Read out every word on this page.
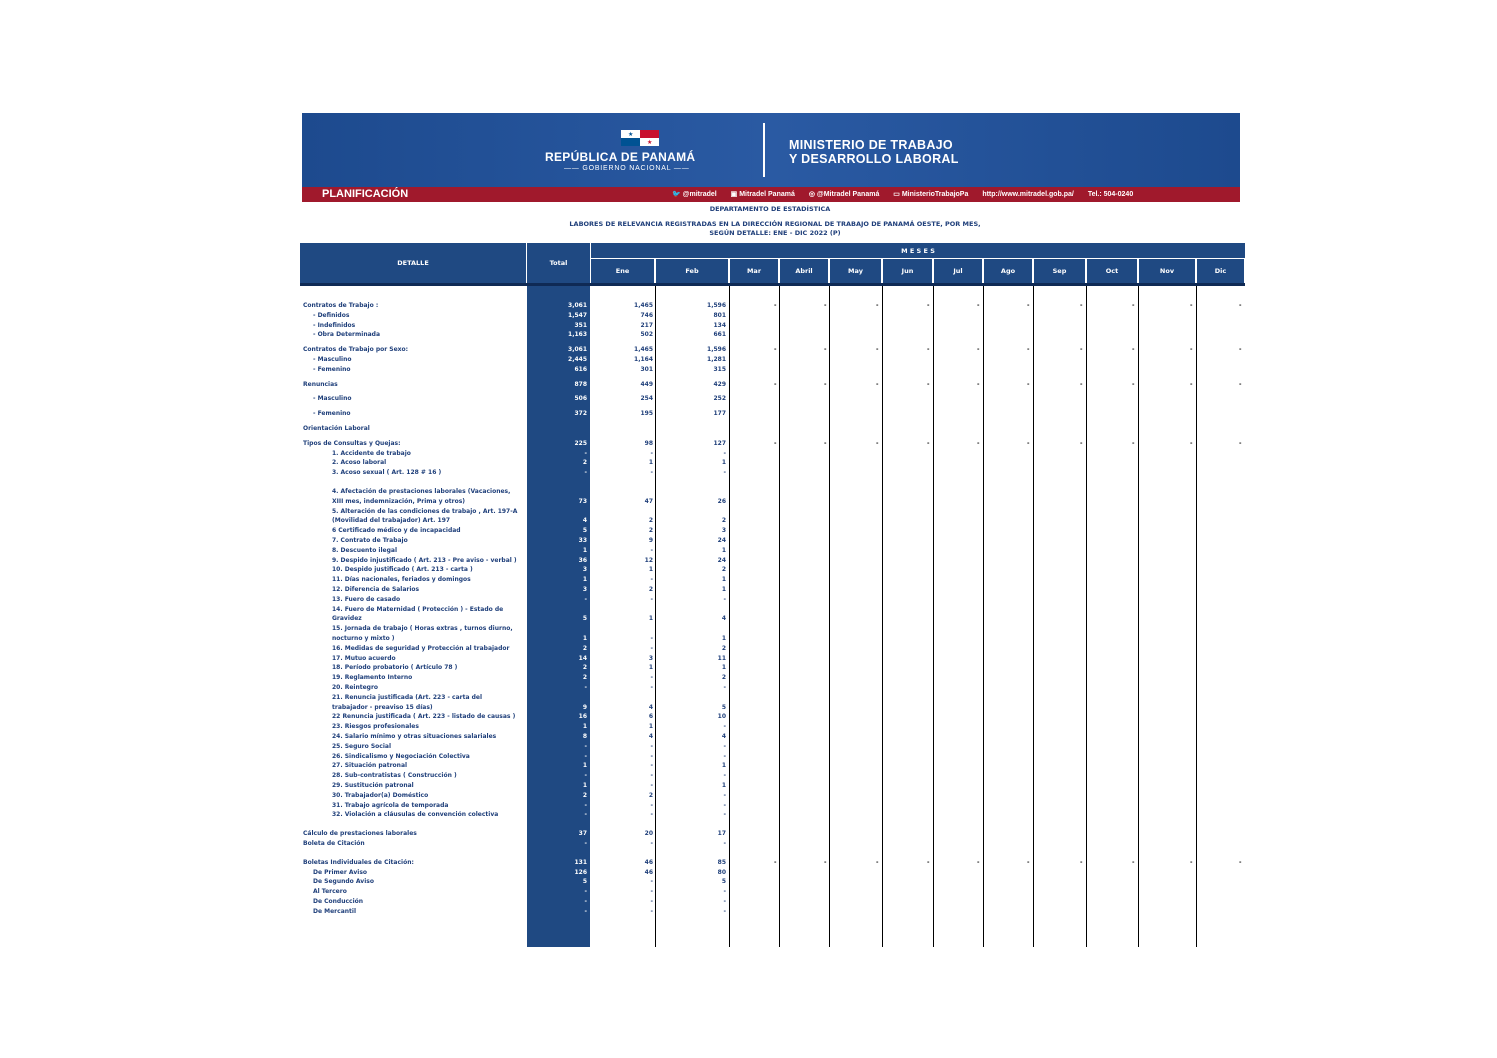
★
★
REPÚBLICA DE PANAMÁ
—— GOBIERNO NACIONAL ——
MINISTERIO DE TRABAJO
Y DESARROLLO LABORAL
PLANIFICACIÓN	🐦 @mitradel ▣ Mitradel Panamá ◎ @Mitradel Panamá ▭ MinisterioTrabajoPa http://www.mitradel.gob.pa/ Tel.: 504-0240
DEPARTAMENTO DE ESTADÍSTICA
LABORES DE RELEVANCIA REGISTRADAS EN LA DIRECCIÓN REGIONAL DE TRABAJO DE PANAMÁ OESTE, POR MES,
SEGÚN DETALLE: ENE - DIC 2022 (P)
DETALLE	Total
M E S E S
Ene	Feb	Mar	Abril	May	Jun	Jul	Ago	Sep	Oct	Nov	Dic
Contratos de Trabajo :	3,061	1,465	1,596	-	-	-	-	-	-	-	-	-	-
- Definidos	1,547	746	801
- Indefinidos	351	217	134
- Obra Determinada	1,163	502	661
Contratos de Trabajo por Sexo:	3,061	1,465	1,596	-	-	-	-	-	-	-	-	-	-
- Masculino	2,445	1,164	1,281
- Femenino	616	301	315
Renuncias	878	449	429	-	-	-	-	-	-	-	-	-	-
- Masculino	506	254	252
- Femenino	372	195	177
Orientación Laboral
Tipos de Consultas y Quejas:	225	98	127	-	-	-	-	-	-	-	-	-	-
1. Accidente de trabajo	-	-	-
2. Acoso laboral	2	1	1
3. Acoso sexual ( Art. 128 # 16 )	-	-	-
4. Afectación de prestaciones laborales (Vacaciones,
XIII mes, indemnización, Prima y otros)	73	47	26
5. Alteración de las condiciones de trabajo , Art. 197-A
(Movilidad del trabajador) Art. 197	4	2	2
6 Certificado médico y de incapacidad	5	2	3
7. Contrato de Trabajo	33	9	24
8. Descuento ilegal	1	-	1
9. Despido injustificado ( Art. 213 - Pre aviso - verbal )	36	12	24
10. Despido justificado ( Art. 213 - carta )	3	1	2
11. Días nacionales, feriados y domingos	1	-	1
12. Diferencia de Salarios	3	2	1
13. Fuero de casado	-	-	-
14. Fuero de Maternidad ( Protección ) - Estado de
Gravidez	5	1	4
15. Jornada de trabajo ( Horas extras , turnos diurno,
nocturno y mixto )	1	-	1
16. Medidas de seguridad y Protección al trabajador	2	-	2
17. Mutuo acuerdo	14	3	11
18. Período probatorio ( Artículo 78 )	2	1	1
19. Reglamento Interno	2	-	2
20. Reintegro	-	-	-
21. Renuncia justificada (Art. 223 - carta del
trabajador - preaviso 15 días)	9	4	5
22 Renuncia justificada ( Art. 223 - listado de causas )	16	6	10
23. Riesgos profesionales	1	1	-
24. Salario mínimo y otras situaciones salariales	8	4	4
25. Seguro Social	-	-	-
26. Sindicalismo y Negociación Colectiva	-	-	-
27. Situación patronal	1	-	1
28. Sub-contratistas ( Construcción )	-	-	-
29. Sustitución patronal	1	-	1
30. Trabajador(a) Doméstico	2	2	-
31. Trabajo agrícola de temporada	-	-	-
32. Violación a cláusulas de convención colectiva	-	-	-
Cálculo de prestaciones laborales	37	20	17
Boleta de Citación	-	-	-
Boletas Individuales de Citación:	131	46	85	-	-	-	-	-	-	-	-	-	-
De Primer Aviso	126	46	80
De Segundo Aviso	5	-	5
Al Tercero	-	-	-
De Conducción	-	-	-
De Mercantil	-	-	-
